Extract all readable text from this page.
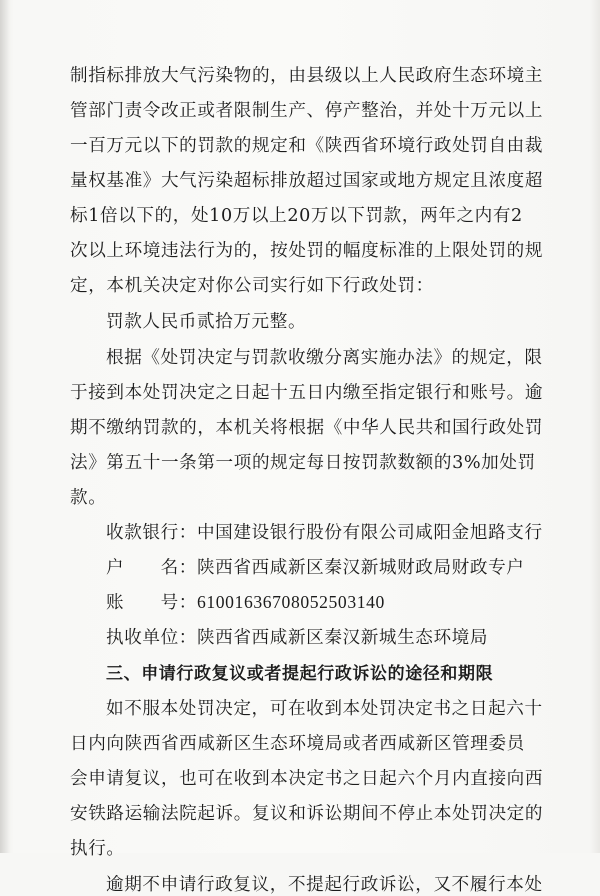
制指标排放大气污染物的，由县级以上人民政府生态环境主
管部门责令改正或者限制生产、停产整治，并处十万元以上
一百万元以下的罚款的规定和《陕西省环境行政处罚自由裁
量权基准》大气污染超标排放超过国家或地方规定且浓度超
标1倍以下的，处10万以上20万以下罚款，两年之内有2
次以上环境违法行为的，按处罚的幅度标准的上限处罚的规
定，本机关决定对你公司实行如下行政处罚：
罚款人民币贰拾万元整。
根据《处罚决定与罚款收缴分离实施办法》的规定，限
于接到本处罚决定之日起十五日内缴至指定银行和账号。逾
期不缴纳罚款的，本机关将根据《中华人民共和国行政处罚
法》第五十一条第一项的规定每日按罚款数额的3%加处罚
款。
收款银行：中国建设银行股份有限公司咸阳金旭路支行
户　　名：陕西省西咸新区秦汉新城财政局财政专户
账　　号：61001636708052503140
执收单位：陕西省西咸新区秦汉新城生态环境局
三、申请行政复议或者提起行政诉讼的途径和期限
如不服本处罚决定，可在收到本处罚决定书之日起六十
日内向陕西省西咸新区生态环境局或者西咸新区管理委员
会申请复议，也可在收到本决定书之日起六个月内直接向西
安铁路运输法院起诉。复议和诉讼期间不停止本处罚决定的
执行。
逾期不申请行政复议，不提起行政诉讼，又不履行本处
